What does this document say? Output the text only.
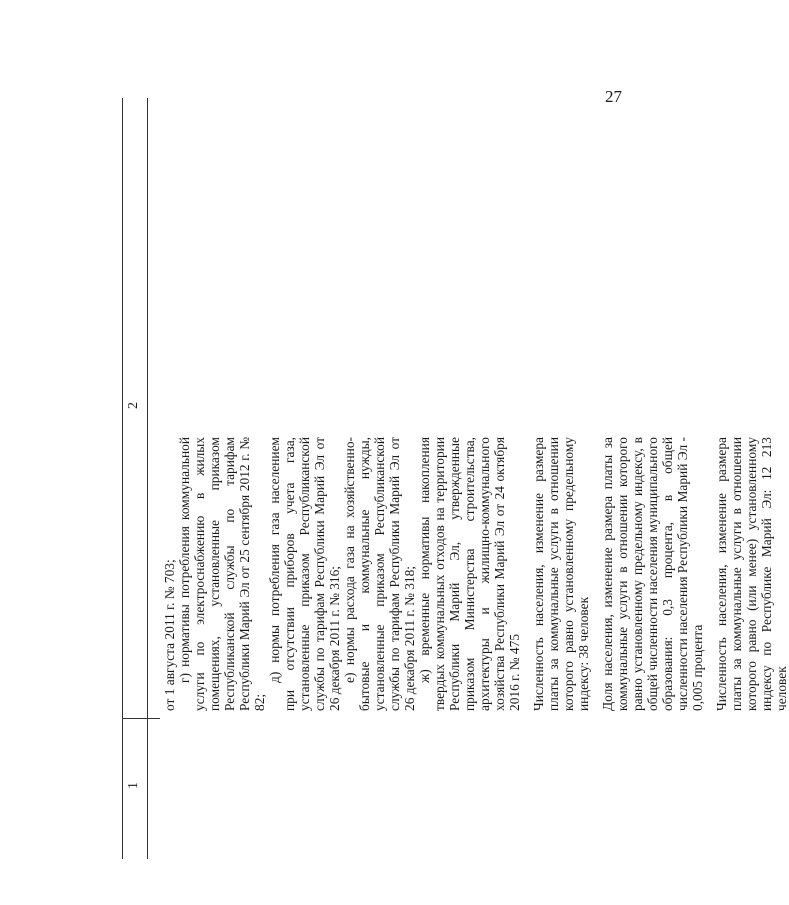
27
1
2

от 1 августа 2011 г. № 703; г) нормативы потребления коммунальной услуги по электроснабжению в жилых помещениях, установленные приказом Республиканской службы по тарифам Республики Марий Эл от 25 сентября 2012 г. № 82;

д) нормы потребления газа населением при отсутствии приборов учета газа, установленные приказом Республиканской службы по тарифам Республики Марий Эл от 26 декабря 2011 г. № 316; е) нормы расхода газа на хозяйственно-бытовые и коммунальные нужды, установленные приказом Республиканской службы по тарифам Республики Марий Эл от 26 декабря 2011 г. № 318; ж) временные нормативы накопления твердых коммунальных отходов на территории Республики Марий Эл, утвержденные приказом Министерства строительства, архитектуры и жилищно-коммунального хозяйства Республики Марий Эл от 24 октября 2016 г. № 475 Численность населения, изменение размера платы за коммунальные услуги в отношении которого равно установленному предельному индексу: 38 человек Доля населения, изменение размера платы за коммунальные услуги в отношении которого равно установленному предельному индексу, в общей численности населения муниципального образования: 0,3 процента, в общей численности населения Республики Марий Эл - 0,005 процента Численность населения, изменение размера платы за коммунальные услуги в отношении которого равно (или менее) установленному индексу по Республике Марий Эл: 12 213 человек
